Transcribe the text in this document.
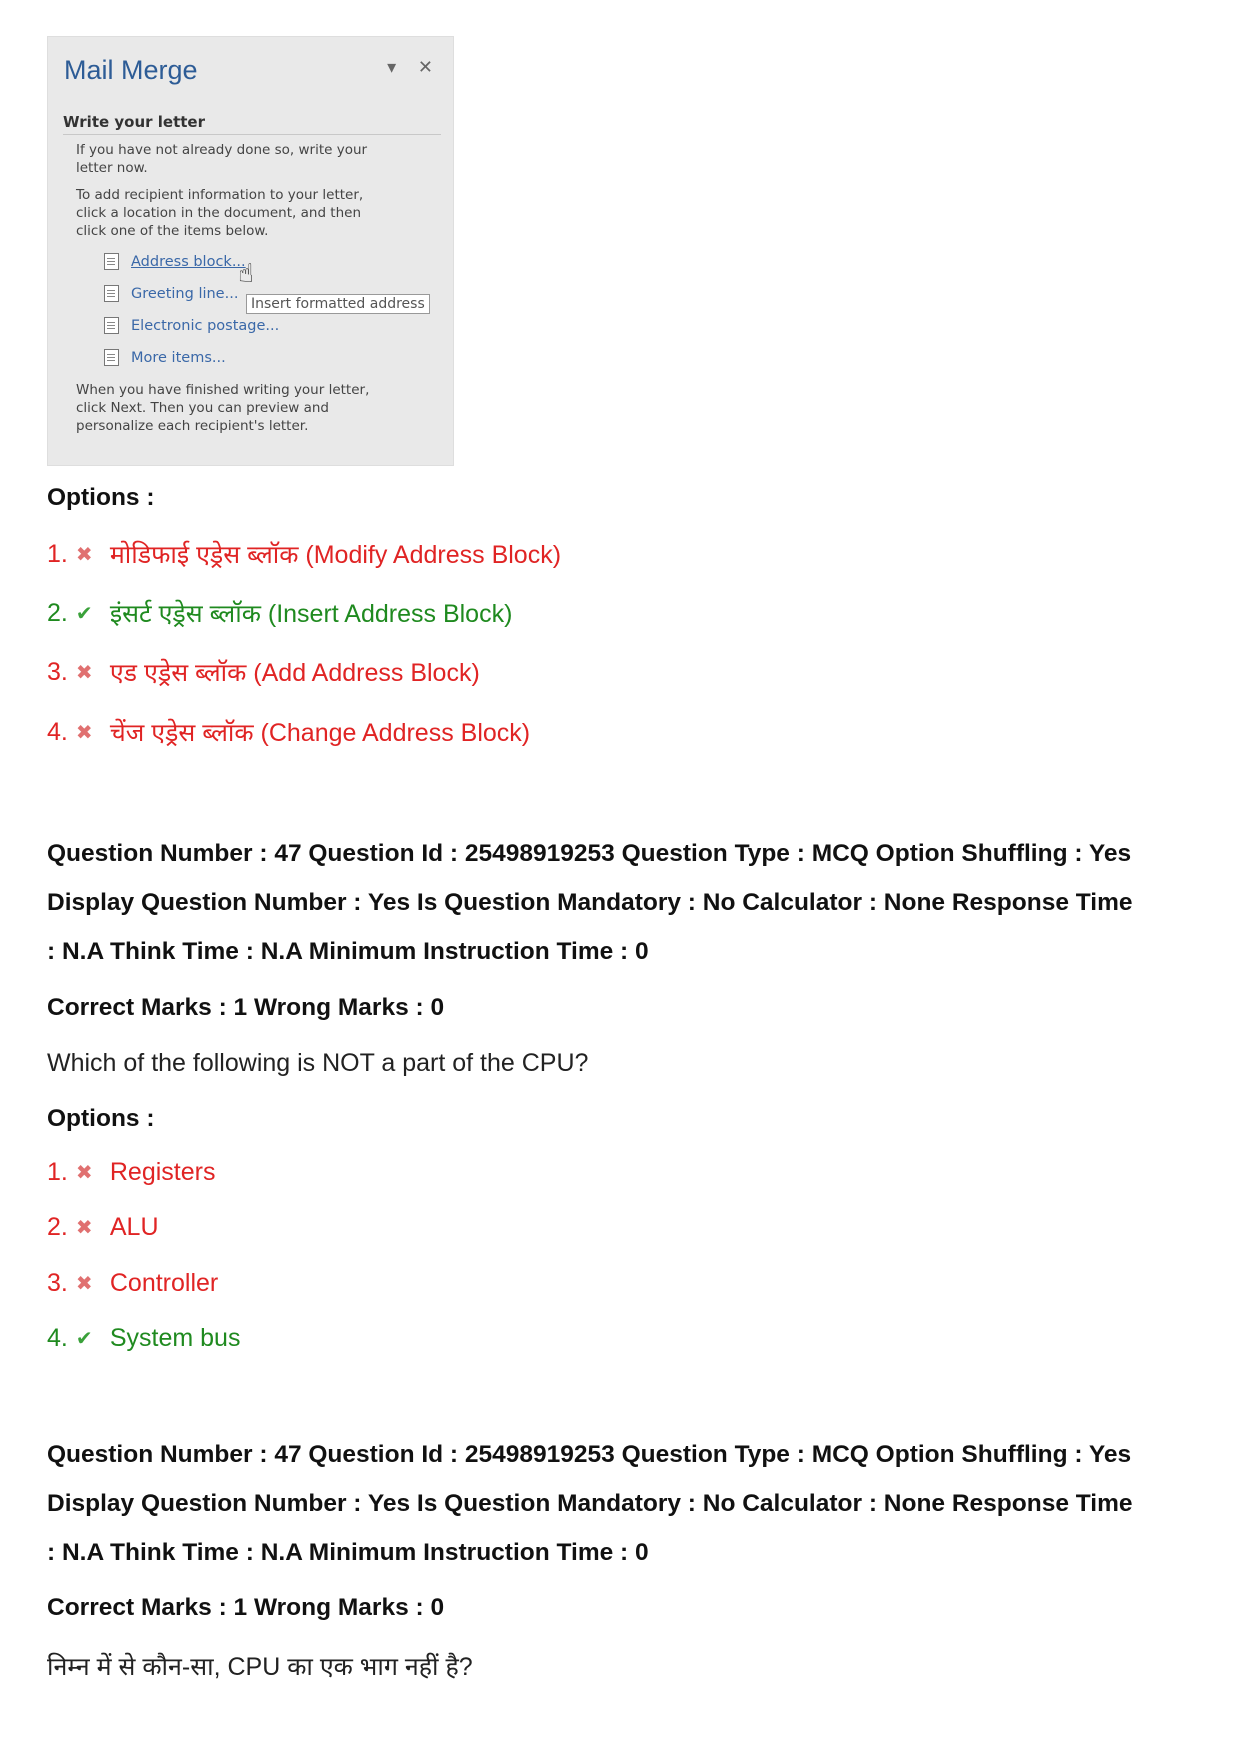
Mail Merge	▾ ✕
Write your letter
If you have not already done so, write your
letter now.
To add recipient information to your letter,
click a location in the document, and then
click one of the items below.
Address block...
Greeting line...
Electronic postage...
More items...
☝
Insert formatted address
When you have finished writing your letter,
click Next. Then you can preview and
personalize each recipient's letter.
Options :
1. ✖ मोडिफाई एड्रेस ब्लॉक (Modify Address Block)
2. ✔ इंसर्ट एड्रेस ब्लॉक (Insert Address Block)
3. ✖ एड एड्रेस ब्लॉक (Add Address Block)
4. ✖ चेंज एड्रेस ब्लॉक (Change Address Block)
Question Number : 47 Question Id : 25498919253 Question Type : MCQ Option Shuffling : Yes
Display Question Number : Yes Is Question Mandatory : No Calculator : None Response Time
: N.A Think Time : N.A Minimum Instruction Time : 0
Correct Marks : 1 Wrong Marks : 0
Which of the following is NOT a part of the CPU?
Options :
1. ✖ Registers
2. ✖ ALU
3. ✖ Controller
4. ✔ System bus
Question Number : 47 Question Id : 25498919253 Question Type : MCQ Option Shuffling : Yes
Display Question Number : Yes Is Question Mandatory : No Calculator : None Response Time
: N.A Think Time : N.A Minimum Instruction Time : 0
Correct Marks : 1 Wrong Marks : 0
निम्न में से कौन-सा, CPU का एक भाग नहीं है?
